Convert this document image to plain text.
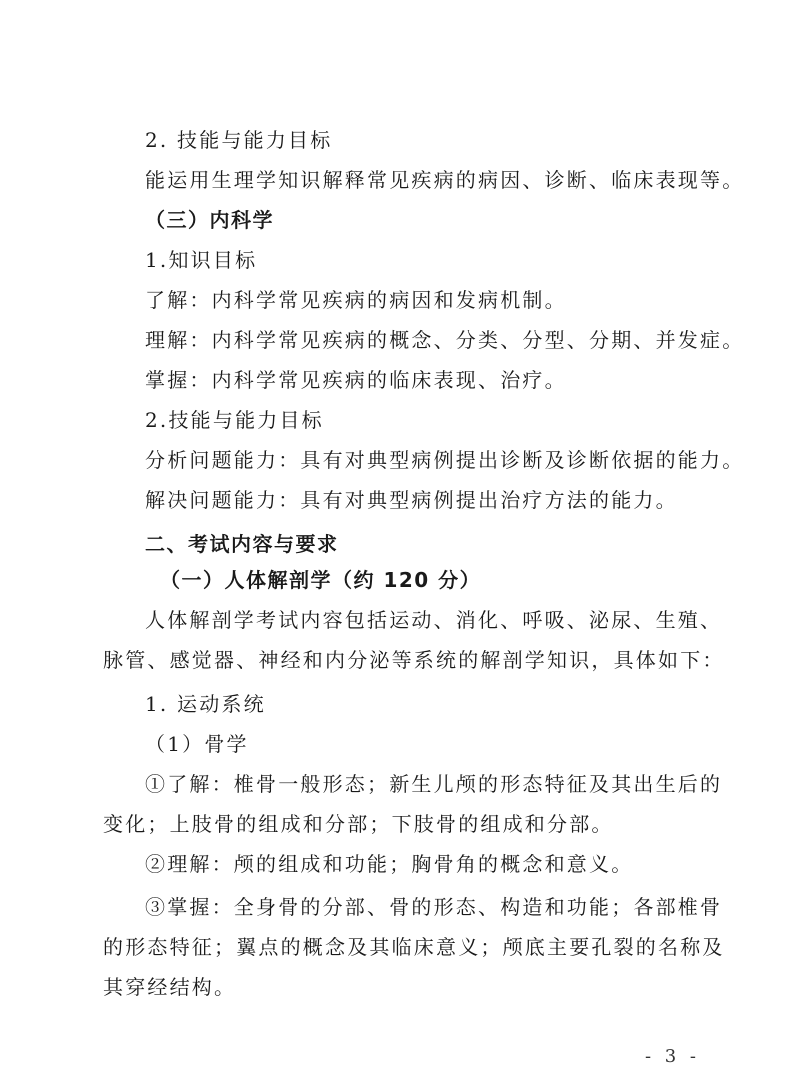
2. 技能与能力目标
能运用生理学知识解释常见疾病的病因、诊断、临床表现等。
（三）内科学
1.知识目标
了解：内科学常见疾病的病因和发病机制。
理解：内科学常见疾病的概念、分类、分型、分期、并发症。
掌握：内科学常见疾病的临床表现、治疗。
2.技能与能力目标
分析问题能力：具有对典型病例提出诊断及诊断依据的能力。
解决问题能力：具有对典型病例提出治疗方法的能力。
二、考试内容与要求
（一）人体解剖学（约 120 分）
人体解剖学考试内容包括运动、消化、呼吸、泌尿、生殖、
脉管、感觉器、神经和内分泌等系统的解剖学知识，具体如下：
1. 运动系统
（1）骨学
①了解：椎骨一般形态；新生儿颅的形态特征及其出生后的
变化；上肢骨的组成和分部；下肢骨的组成和分部。
②理解：颅的组成和功能；胸骨角的概念和意义。
③掌握：全身骨的分部、骨的形态、构造和功能；各部椎骨
的形态特征；翼点的概念及其临床意义；颅底主要孔裂的名称及
其穿经结构。
- 3 -
